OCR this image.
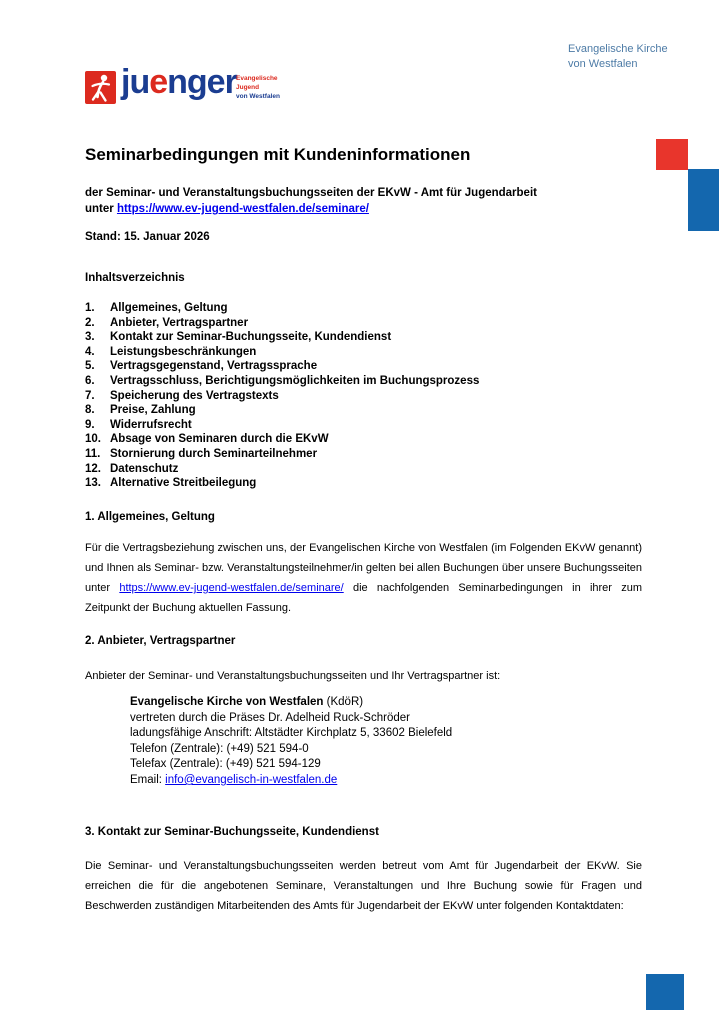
juenger Evangelische
Jugend
von Westfalen
Evangelische Kirche
von Westfalen
Seminarbedingungen mit Kundeninformationen
der Seminar- und Veranstaltungsbuchungsseiten der EKvW - Amt für Jugendarbeit
unter https://www.ev-jugend-westfalen.de/seminare/
Stand: 15. Januar 2026
Inhaltsverzeichnis
1. Allgemeines, Geltung
2. Anbieter, Vertragspartner
3. Kontakt zur Seminar-Buchungsseite, Kundendienst
4. Leistungsbeschränkungen
5. Vertragsgegenstand, Vertragssprache
6. Vertragsschluss, Berichtigungsmöglichkeiten im Buchungsprozess
7. Speicherung des Vertragstexts
8. Preise, Zahlung
9. Widerrufsrecht
10. Absage von Seminaren durch die EKvW
11. Stornierung durch Seminarteilnehmer
12. Datenschutz
13. Alternative Streitbeilegung
1. Allgemeines, Geltung

Für die Vertragsbeziehung zwischen uns, der Evangelischen Kirche von Westfalen (im Folgenden EKvW genannt) und Ihnen als Seminar- bzw. Veranstaltungsteilnehmer/in gelten bei allen Buchungen über unsere Buchungsseiten unter https://www.ev-jugend-westfalen.de/seminare/ die nachfolgenden Seminarbedingungen in ihrer zum Zeitpunkt der Buchung aktuellen Fassung.

2. Anbieter, Vertragspartner

Anbieter der Seminar- und Veranstaltungsbuchungsseiten und Ihr Vertragspartner ist:

Evangelische Kirche von Westfalen (KdöR)
vertreten durch die Präses Dr. Adelheid Ruck-Schröder
ladungsfähige Anschrift: Altstädter Kirchplatz 5, 33602 Bielefeld
Telefon (Zentrale): (+49) 521 594-0
Telefax (Zentrale): (+49) 521 594-129
Email: info@evangelisch-in-westfalen.de
3. Kontakt zur Seminar-Buchungsseite, Kundendienst

Die Seminar- und Veranstaltungsbuchungsseiten werden betreut vom Amt für Jugendarbeit der EKvW. Sie erreichen die für die angebotenen Seminare, Veranstaltungen und Ihre Buchung sowie für Fragen und Beschwerden zuständigen Mitarbeitenden des Amts für Jugendarbeit der EKvW unter folgenden Kontaktdaten:
